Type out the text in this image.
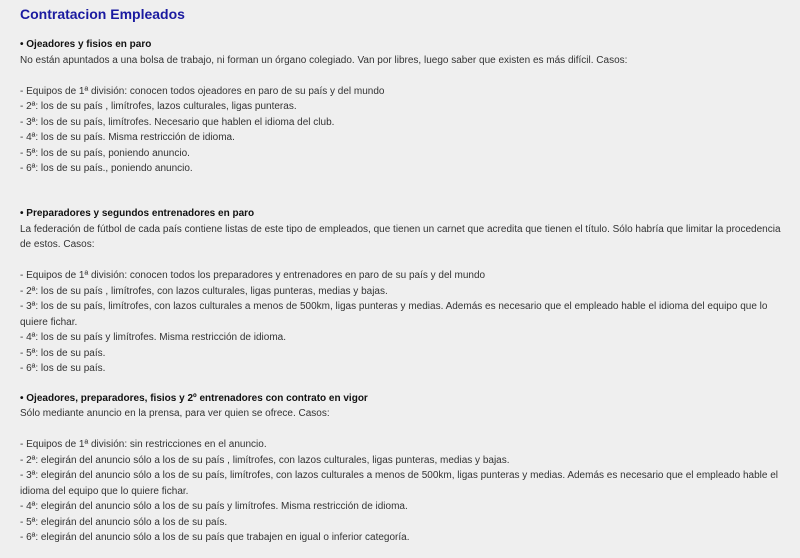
Contratacion Empleados
• Ojeadores y fisios en paro
No están apuntados a una bolsa de trabajo, ni forman un órgano colegiado. Van por libres, luego saber que existen es más difícil. Casos:
- Equipos de 1ª división: conocen todos ojeadores en paro de su país y del mundo
- 2ª: los de su país , limítrofes, lazos culturales, ligas punteras.
- 3ª: los de su país, limítrofes. Necesario que hablen el idioma del club.
- 4ª: los de su país. Misma restricción de idioma.
- 5ª: los de su país, poniendo anuncio.
- 6ª: los de su país., poniendo anuncio.
• Preparadores y segundos entrenadores en paro
La federación de fútbol de cada país contiene listas de este tipo de empleados, que tienen un carnet que acredita que tienen el título. Sólo habría que limitar la procedencia de estos. Casos:
- Equipos de 1ª división: conocen todos los preparadores y entrenadores en paro de su país y del mundo
- 2ª: los de su país , limítrofes, con lazos culturales, ligas punteras, medias y bajas.
- 3ª: los de su país, limítrofes, con lazos culturales a menos de 500km, ligas punteras y medias. Además es necesario que el empleado hable el idioma del equipo que lo quiere fichar.
- 4ª: los de su país y limítrofes. Misma restricción de idioma.
- 5ª: los de su país.
- 6ª: los de su país.
• Ojeadores, preparadores, fisios y 2º entrenadores con contrato en vigor
Sólo mediante anuncio en la prensa, para ver quien se ofrece. Casos:
- Equipos de 1ª división: sin restricciones en el anuncio.
- 2ª: elegirán del anuncio sólo a los de su país , limítrofes, con lazos culturales, ligas punteras, medias y bajas.
- 3ª: elegirán del anuncio sólo a los de su país, limítrofes, con lazos culturales a menos de 500km, ligas punteras y medias. Además es necesario que el empleado hable el idioma del equipo que lo quiere fichar.
- 4ª: elegirán del anuncio sólo a los de su país y limítrofes. Misma restricción de idioma.
- 5ª: elegirán del anuncio sólo a los de su país.
- 6ª: elegirán del anuncio sólo a los de su país que trabajen en igual o inferior categoría.
